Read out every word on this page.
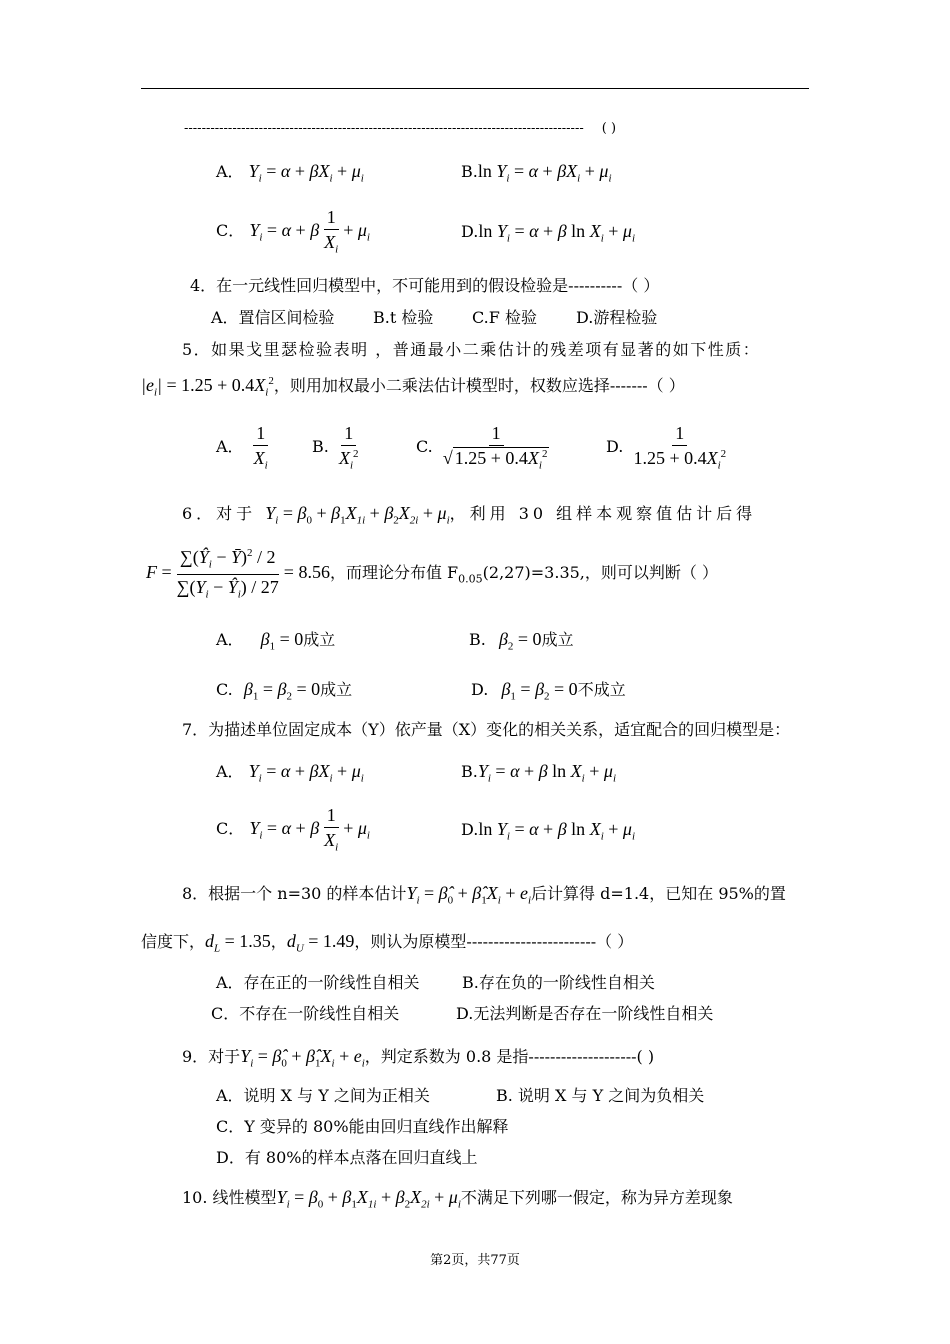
------------------------------------------------------------------------------------------- ( )
A． $Y_i = \alpha + \beta X_i + \mu_i$	B.ln $Y_i = \alpha + \beta X_i + \mu_i$
C． $Y_i = \alpha + \beta \frac{1}{X_i} + \mu_i$	D.ln $Y_i = \alpha + \beta$ $\ln X_i + \mu_i$
4．在一元线性回归模型中，不可能用到的假设检验是----------（ ）
A．置信区间检验 B.t 检验 C.F 检验 D.游程检验
5．如果戈里瑟检验表明 ，普通最小二乘估计的残差项有显著的如下性质：
$|e_i| = 1.25 + 0.4X_i^2$，则用加权最小二乘法估计模型时，权数应选择-------（ ）
A． $\frac{1}{X_i}$	B. $\frac{1}{X_i^2}$	C. $\frac{1}{√ 1.25 + 0.4X_i^2}$	D. $\frac{1}{1.25 + 0.4X_i^2}$
6．对于 $Y_i = \beta_0 + \beta_1X_{1i} + \beta_2X_{2i} + \mu_i$，利用 30 组样本观察值估计后得
$F = \frac{\sum(Ŷ_i - Ȳ)^2 / 2}{\sum(Y_i - Ŷ_i) / 27} = 8.56$，而理论分布值 $F_{0.05}(2,27)=3.35$,，则可以判断（ ）
A． $\beta_1 = 0$成立	B. $\beta_2 = 0$成立
C. $\beta_1 = \beta_2 = 0$成立	D. $\beta_1 = \beta_2 = 0$不成立
7．为描述单位固定成本（Y）依产量（X）变化的相关关系，适宜配合的回归模型是：
A． $Y_i = \alpha + \beta X_i + \mu_i$	$B.Y_i = \alpha + \beta$ $\ln X_i + \mu_i$
C． $Y_i = \alpha + \beta \frac{1}{X_i} + \mu_i$	D.ln $Y_i = \alpha + \beta$ $\ln X_i + \mu_i$
8．根据一个 n=30 的样本估计$Y_i$ = $\betâ_0$ + $\betâ_1X_i + e_i$后计算得 d=1.4，已知在 95%的置
信度下，$d_L = 1.35$，$d_U = 1.49$，则认为原模型------------------------（ ）
A．存在正的一阶线性自相关	B.存在负的一阶线性自相关
C．不存在一阶线性自相关	D.无法判断是否存在一阶线性自相关
9．对于$Y_i$ = $\betâ_0$ + $\betâ_1X_i + e_i$，判定系数为 0.8 是指--------------------( )
A．说明 X 与 Y 之间为正相关	B. 说明 X 与 Y 之间为负相关
C．Y 变异的 80%能由回归直线作出解释
D．有 80%的样本点落在回归直线上
10. 线性模型$Y_i = \beta_0 + \beta_1X_{1i} + \beta_2X_{2i} + \mu_i$不满足下列哪一假定，称为异方差现象
第2页，共77页
